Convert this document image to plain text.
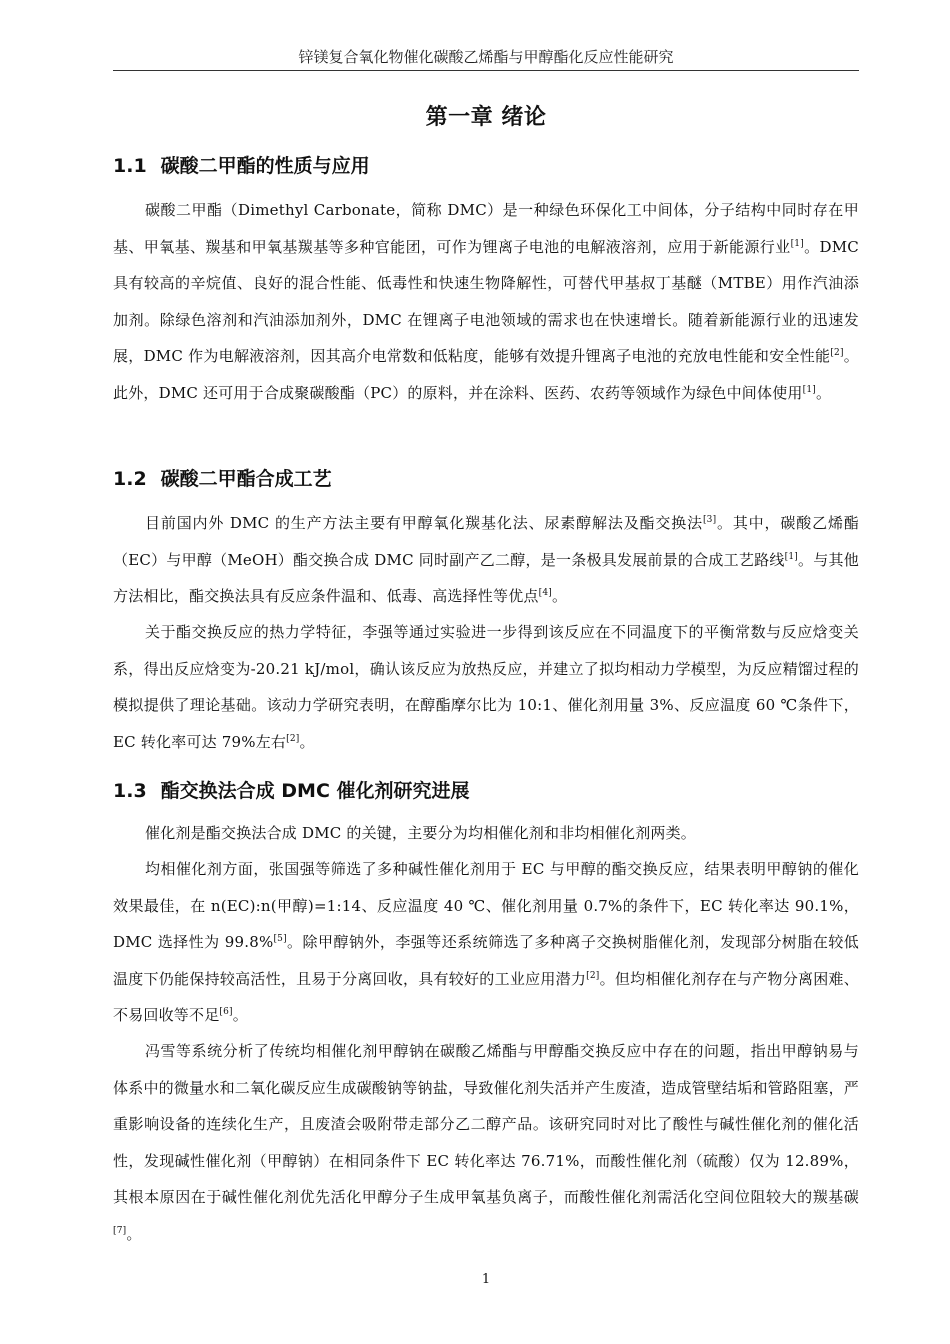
锌镁复合氧化物催化碳酸乙烯酯与甲醇酯化反应性能研究
第一章 绪论
1.1 碳酸二甲酯的性质与应用
碳酸二甲酯（Dimethyl Carbonate，简称 DMC）是一种绿色环保化工中间体，分子结构中同时存在甲基、甲氧基、羰基和甲氧基羰基等多种官能团，可作为锂离子电池的电解液溶剂，应用于新能源行业[1]。DMC 具有较高的辛烷值、良好的混合性能、低毒性和快速生物降解性，可替代甲基叔丁基醚（MTBE）用作汽油添加剂。除绿色溶剂和汽油添加剂外，DMC 在锂离子电池领域的需求也在快速增长。随着新能源行业的迅速发展，DMC 作为电解液溶剂，因其高介电常数和低粘度，能够有效提升锂离子电池的充放电性能和安全性能[2]。此外，DMC 还可用于合成聚碳酸酯（PC）的原料，并在涂料、医药、农药等领域作为绿色中间体使用[1]。
1.2 碳酸二甲酯合成工艺
目前国内外 DMC 的生产方法主要有甲醇氧化羰基化法、尿素醇解法及酯交换法[3]。其中，碳酸乙烯酯（EC）与甲醇（MeOH）酯交换合成 DMC 同时副产乙二醇，是一条极具发展前景的合成工艺路线[1]。与其他方法相比，酯交换法具有反应条件温和、低毒、高选择性等优点[4]。
关于酯交换反应的热力学特征，李强等通过实验进一步得到该反应在不同温度下的平衡常数与反应焓变关系，得出反应焓变为-20.21 kJ/mol，确认该反应为放热反应，并建立了拟均相动力学模型，为反应精馏过程的模拟提供了理论基础。该动力学研究表明，在醇酯摩尔比为 10:1、催化剂用量 3%、反应温度 60 ℃条件下，EC 转化率可达 79%左右[2]。
1.3 酯交换法合成 DMC 催化剂研究进展
催化剂是酯交换法合成 DMC 的关键，主要分为均相催化剂和非均相催化剂两类。
均相催化剂方面，张国强等筛选了多种碱性催化剂用于 EC 与甲醇的酯交换反应，结果表明甲醇钠的催化效果最佳，在 n(EC):n(甲醇)=1:14、反应温度 40 ℃、催化剂用量 0.7%的条件下，EC 转化率达 90.1%，DMC 选择性为 99.8%[5]。除甲醇钠外，李强等还系统筛选了多种离子交换树脂催化剂，发现部分树脂在较低温度下仍能保持较高活性，且易于分离回收，具有较好的工业应用潜力[2]。但均相催化剂存在与产物分离困难、不易回收等不足[6]。
冯雪等系统分析了传统均相催化剂甲醇钠在碳酸乙烯酯与甲醇酯交换反应中存在的问题，指出甲醇钠易与体系中的微量水和二氧化碳反应生成碳酸钠等钠盐，导致催化剂失活并产生废渣，造成管壁结垢和管路阻塞，严重影响设备的连续化生产，且废渣会吸附带走部分乙二醇产品。该研究同时对比了酸性与碱性催化剂的催化活性，发现碱性催化剂（甲醇钠）在相同条件下 EC 转化率达 76.71%，而酸性催化剂（硫酸）仅为 12.89%，其根本原因在于碱性催化剂优先活化甲醇分子生成甲氧基负离子，而酸性催化剂需活化空间位阻较大的羰基碳[7]。
1
